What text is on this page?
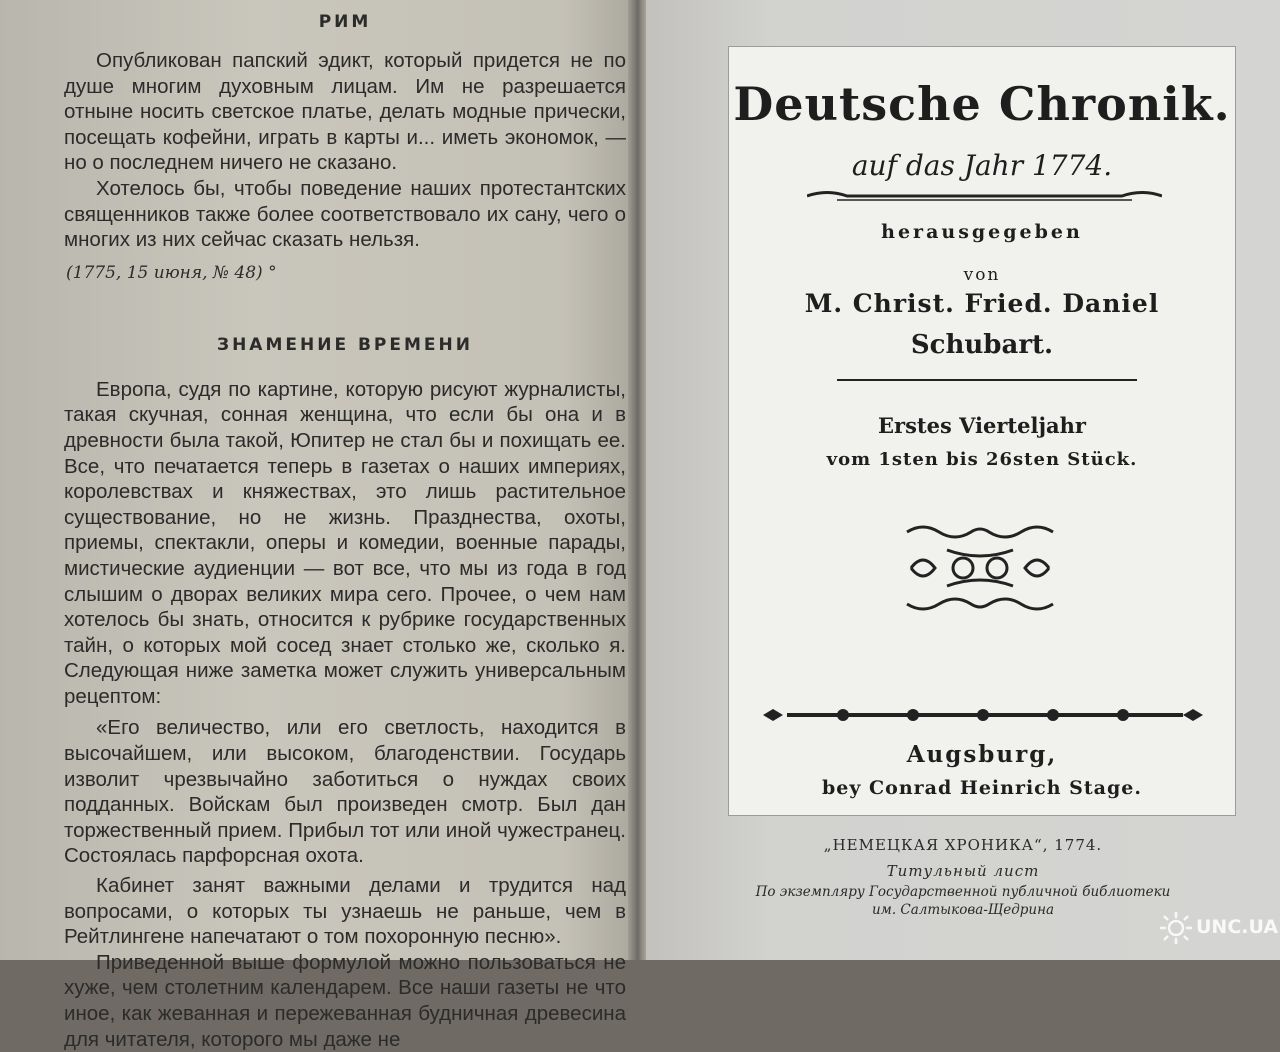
РИМ

Опубликован папский эдикт, который придется не по душе многим духовным лицам. Им не разрешается отныне носить светское платье, делать модные прически, посещать кофейни, играть в карты и... иметь экономок, — но о последнем ничего не сказано.

Хотелось бы, чтобы поведение наших протестантских священников также более соответствовало их сану, чего о многих из них сейчас сказать нельзя.

(1775, 15 июня, № 48) °

ЗНАМЕНИЕ ВРЕМЕНИ

Европа, судя по картине, которую рисуют журналисты, такая скучная, сонная женщина, что если бы она и в древности была такой, Юпитер не стал бы и похищать ее. Все, что печатается теперь в газетах о наших империях, королевствах и княжествах, это лишь растительное существование, но не жизнь. Празднества, охоты, приемы, спектакли, оперы и комедии, военные парады, мистические аудиенции — вот все, что мы из года в год слышим о дворах великих мира сего. Прочее, о чем нам хотелось бы знать, относится к рубрике государственных тайн, о которых мой сосед знает столько же, сколько я. Следующая ниже заметка может служить универсальным рецептом:

«Его величество, или его светлость, находится в высочайшем, или высоком, благоденствии. Государь изволит чрезвычайно заботиться о нуждах своих подданных. Войскам был произведен смотр. Был дан торжественный прием. Прибыл тот или иной чужестранец. Состоялась парфорсная охота.

Кабинет занят важными делами и трудится над вопросами, о которых ты узнаешь не раньше, чем в Рейтлингене напечатают о том похоронную песню».

Приведенной выше формулой можно пользоваться не хуже, чем столетним календарем. Все наши газеты не что иное, как жеванная и пережеванная будничная древесина для читателя, которого мы даже не

Deutsche Chronik.
auf das Jahr 1774.
herausgegeben
von
M. Christ. Fried. Daniel
Schubart.
Erstes Vierteljahr
vom 1sten bis 26sten Stück.
Augsburg,
bey Conrad Heinrich Stage.
„НЕМЕЦКАЯ ХРОНИКА“, 1774.
Титульный лист
По экземпляру Государственной публичной библиотеки
им. Салтыкова-Щедрина
UNC.UA
